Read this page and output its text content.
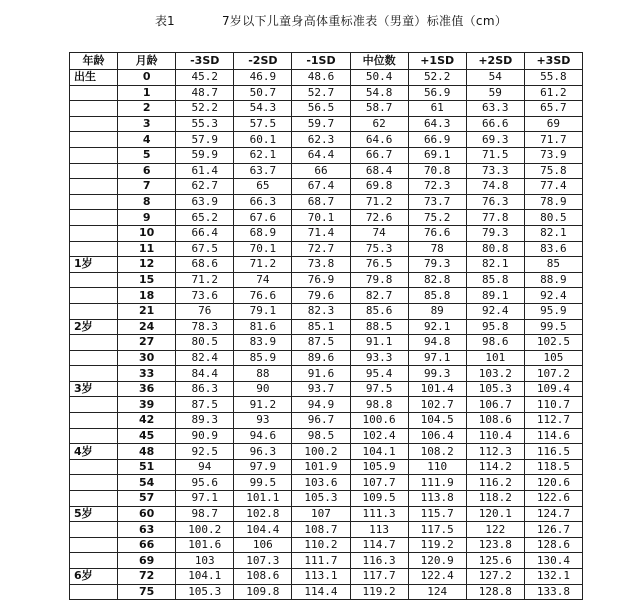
表1	7岁以下儿童身高体重标准表（男童）标准值（cm）
年龄	月龄	-3SD	-2SD	-1SD	中位数	+1SD	+2SD	+3SD
出生	0	45.2	46.9	48.6	50.4	52.2	54	55.8
	1	48.7	50.7	52.7	54.8	56.9	59	61.2
	2	52.2	54.3	56.5	58.7	61	63.3	65.7
	3	55.3	57.5	59.7	62	64.3	66.6	69
	4	57.9	60.1	62.3	64.6	66.9	69.3	71.7
	5	59.9	62.1	64.4	66.7	69.1	71.5	73.9
	6	61.4	63.7	66	68.4	70.8	73.3	75.8
	7	62.7	65	67.4	69.8	72.3	74.8	77.4
	8	63.9	66.3	68.7	71.2	73.7	76.3	78.9
	9	65.2	67.6	70.1	72.6	75.2	77.8	80.5
	10	66.4	68.9	71.4	74	76.6	79.3	82.1
	11	67.5	70.1	72.7	75.3	78	80.8	83.6
1岁	12	68.6	71.2	73.8	76.5	79.3	82.1	85
	15	71.2	74	76.9	79.8	82.8	85.8	88.9
	18	73.6	76.6	79.6	82.7	85.8	89.1	92.4
	21	76	79.1	82.3	85.6	89	92.4	95.9
2岁	24	78.3	81.6	85.1	88.5	92.1	95.8	99.5
	27	80.5	83.9	87.5	91.1	94.8	98.6	102.5
	30	82.4	85.9	89.6	93.3	97.1	101	105
	33	84.4	88	91.6	95.4	99.3	103.2	107.2
3岁	36	86.3	90	93.7	97.5	101.4	105.3	109.4
	39	87.5	91.2	94.9	98.8	102.7	106.7	110.7
	42	89.3	93	96.7	100.6	104.5	108.6	112.7
	45	90.9	94.6	98.5	102.4	106.4	110.4	114.6
4岁	48	92.5	96.3	100.2	104.1	108.2	112.3	116.5
	51	94	97.9	101.9	105.9	110	114.2	118.5
	54	95.6	99.5	103.6	107.7	111.9	116.2	120.6
	57	97.1	101.1	105.3	109.5	113.8	118.2	122.6
5岁	60	98.7	102.8	107	111.3	115.7	120.1	124.7
	63	100.2	104.4	108.7	113	117.5	122	126.7
	66	101.6	106	110.2	114.7	119.2	123.8	128.6
	69	103	107.3	111.7	116.3	120.9	125.6	130.4
6岁	72	104.1	108.6	113.1	117.7	122.4	127.2	132.1
	75	105.3	109.8	114.4	119.2	124	128.8	133.8
